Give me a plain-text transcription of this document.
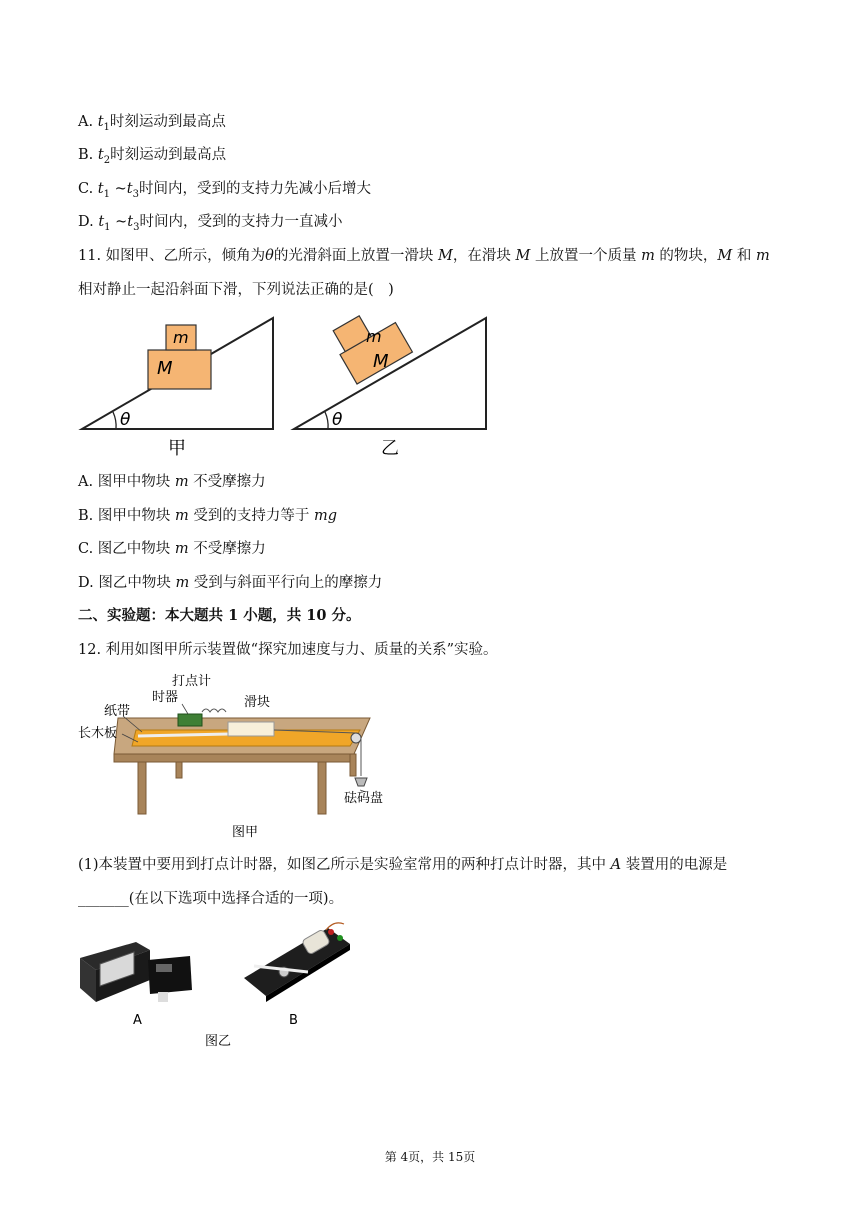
A. $t_1$时刻运动到最高点
B. $t_2$时刻运动到最高点
C. $t_1$ $\sim t_3$时间内，受到的支持力先减小后增大
D. $t_1$ $\sim t_3$时间内，受到的支持力一直减小
11. 如图甲、乙所示，倾角为θ的光滑斜面上放置一滑块 M，在滑块 M 上放置一个质量 m 的物块，M 和 m
相对静止一起沿斜面下滑，下列说法正确的是(　)
θ
M
m
甲
θ
M
m
乙
A. 图甲中物块 m 不受摩擦力
B. 图甲中物块 m 受到的支持力等于 mg
C. 图乙中物块 m 不受摩擦力
D. 图乙中物块 m 受到与斜面平行向上的摩擦力
二、实验题：本大题共 1 小题，共 10 分。
12. 利用如图甲所示装置做“探究加速度与力、质量的关系”实验。
打点计
时器
纸带
滑块
长木板
砝码盘
图甲
(1)本装置中要用到打点计时器，如图乙所示是实验室常用的两种打点计时器，其中 A 装置用的电源是
_______(在以下选项中选择合适的一项)。
A	B
图乙
第 4页，共 15页
